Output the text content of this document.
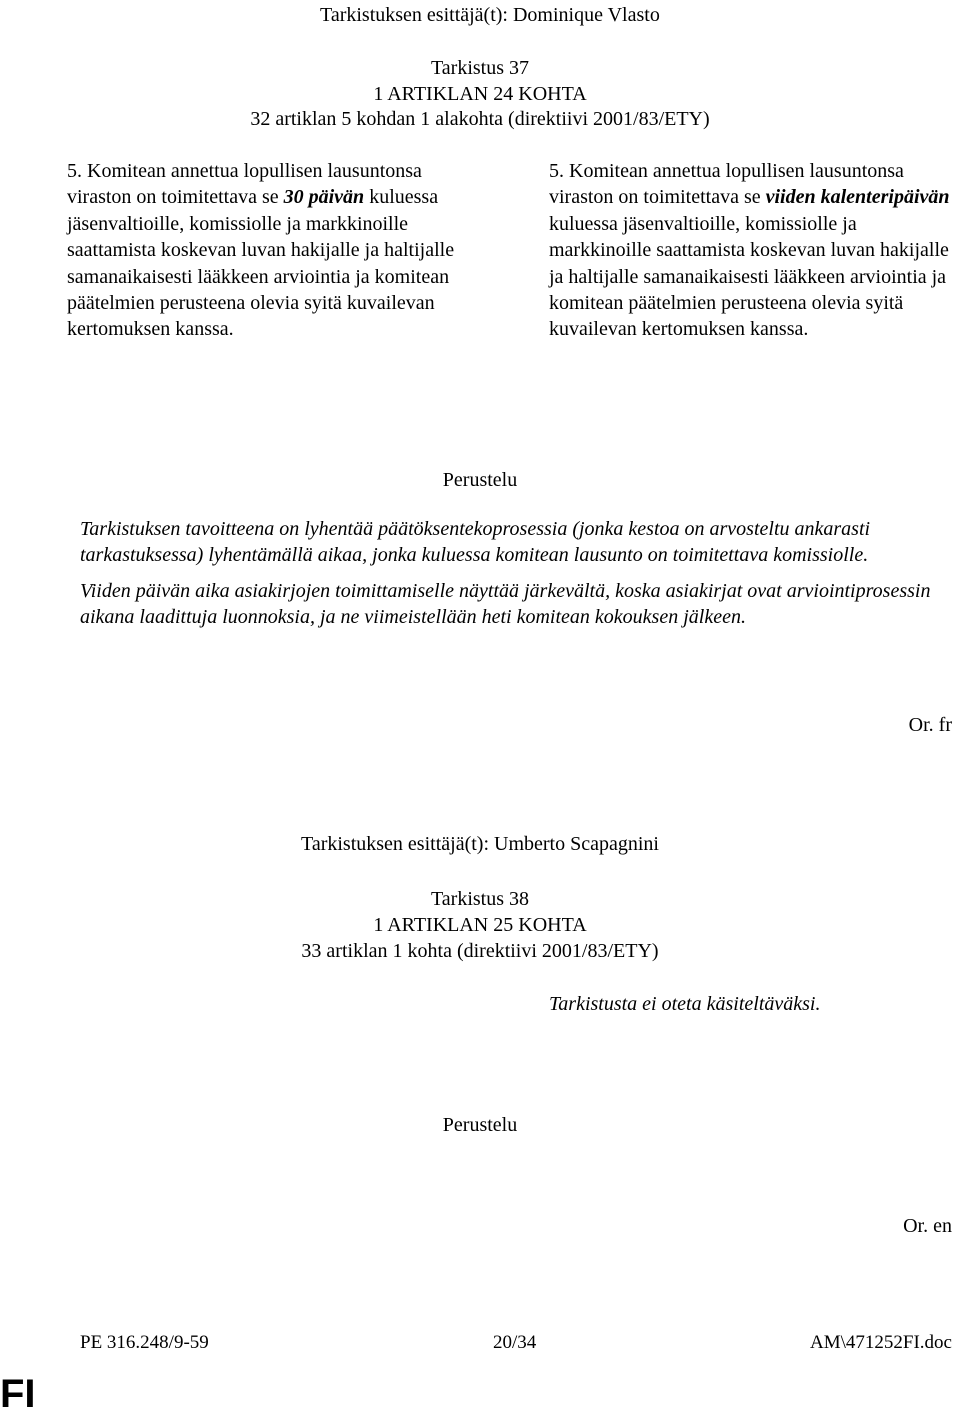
Tarkistuksen esittäjä(t): Dominique Vlasto
Tarkistus 37
1 ARTIKLAN 24 KOHTA
32 artiklan 5 kohdan 1 alakohta (direktiivi 2001/83/ETY)

5. Komitean annettua lopullisen lausuntonsa viraston on toimitettava se 30 päivän kuluessa jäsenvaltioille, komissiolle ja markkinoille saattamista koskevan luvan hakijalle ja haltijalle samanaikaisesti lääkkeen arviointia ja komitean päätelmien perusteena olevia syitä kuvailevan kertomuksen kanssa.

5. Komitean annettua lopullisen lausuntonsa viraston on toimitettava se viiden kalenteripäivän kuluessa jäsenvaltioille, komissiolle ja markkinoille saattamista koskevan luvan hakijalle ja haltijalle samanaikaisesti lääkkeen arviointia ja komitean päätelmien perusteena olevia syitä kuvailevan kertomuksen kanssa.

Perustelu

Tarkistuksen tavoitteena on lyhentää päätöksentekoprosessia (jonka kestoa on arvosteltu ankarasti tarkastuksessa) lyhentämällä aikaa, jonka kuluessa komitean lausunto on toimitettava komissiolle.

Viiden päivän aika asiakirjojen toimittamiselle näyttää järkevältä, koska asiakirjat ovat arviointiprosessin aikana laadittuja luonnoksia, ja ne viimeistellään heti komitean kokouksen jälkeen.

Or. fr
Tarkistuksen esittäjä(t): Umberto Scapagnini
Tarkistus 38
1 ARTIKLAN 25 KOHTA
33 artiklan 1 kohta (direktiivi 2001/83/ETY)
Tarkistusta ei oteta käsiteltäväksi.
Perustelu
Or. en
PE 316.248/9-59	20/34	AM\471252FI.doc
FI
